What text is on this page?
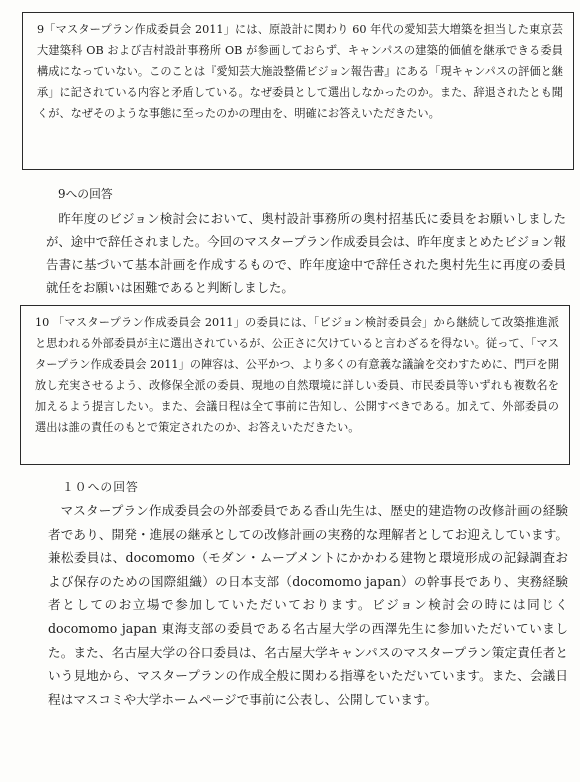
9「マスタープラン作成委員会 2011」には、原設計に関わり 60 年代の愛知芸大増築を担当した東京芸大建築科 OB および吉村設計事務所 OB が参画しておらず、キャンパスの建築的価値を継承できる委員構成になっていない。このことは『愛知芸大施設整備ビジョン報告書』にある「現キャンパスの評価と継承」に記されている内容と矛盾している。なぜ委員として選出しなかったのか。また、辞退されたとも聞くが、なぜそのような事態に至ったのかの理由を、明確にお答えいただきたい。

9への回答
昨年度のビジョン検討会において、奥村設計事務所の奥村招基氏に委員をお願いしましたが、途中で辞任されました。今回のマスタープラン作成委員会は、昨年度まとめたビジョン報告書に基づいて基本計画を作成するもので、昨年度途中で辞任された奥村先生に再度の委員就任をお願いは困難であると判断しました。

10 「マスタープラン作成委員会 2011」の委員には、「ビジョン検討委員会」から継続して改築推進派と思われる外部委員が主に選出されているが、公正さに欠けていると言わざるを得ない。従って、「マスタープラン作成委員会 2011」の陣容は、公平かつ、より多くの有意義な議論を交わすために、門戸を開放し充実させるよう、改修保全派の委員、現地の自然環境に詳しい委員、市民委員等いずれも複数名を加えるよう提言したい。また、会議日程は全て事前に告知し、公開すべきである。加えて、外部委員の選出は誰の責任のもとで策定されたのか、お答えいただきたい。

１０への回答
マスタープラン作成委員会の外部委員である香山先生は、歴史的建造物の改修計画の経験者であり、開発・進展の継承としての改修計画の実務的な理解者としてお迎えしています。兼松委員は、docomomo（モダン・ムーブメントにかかわる建物と環境形成の記録調査および保存のための国際組織）の日本支部（docomomo japan）の幹事長であり、実務経験者としてのお立場で参加していただいております。ビジョン検討会の時には同じく docomomo japan 東海支部の委員である名古屋大学の西澤先生に参加いただいていました。また、名古屋大学の谷口委員は、名古屋大学キャンパスのマスタープラン策定責任者という見地から、マスタープランの作成全般に関わる指導をいただいています。また、会議日程はマスコミや大学ホームページで事前に公表し、公開しています。
